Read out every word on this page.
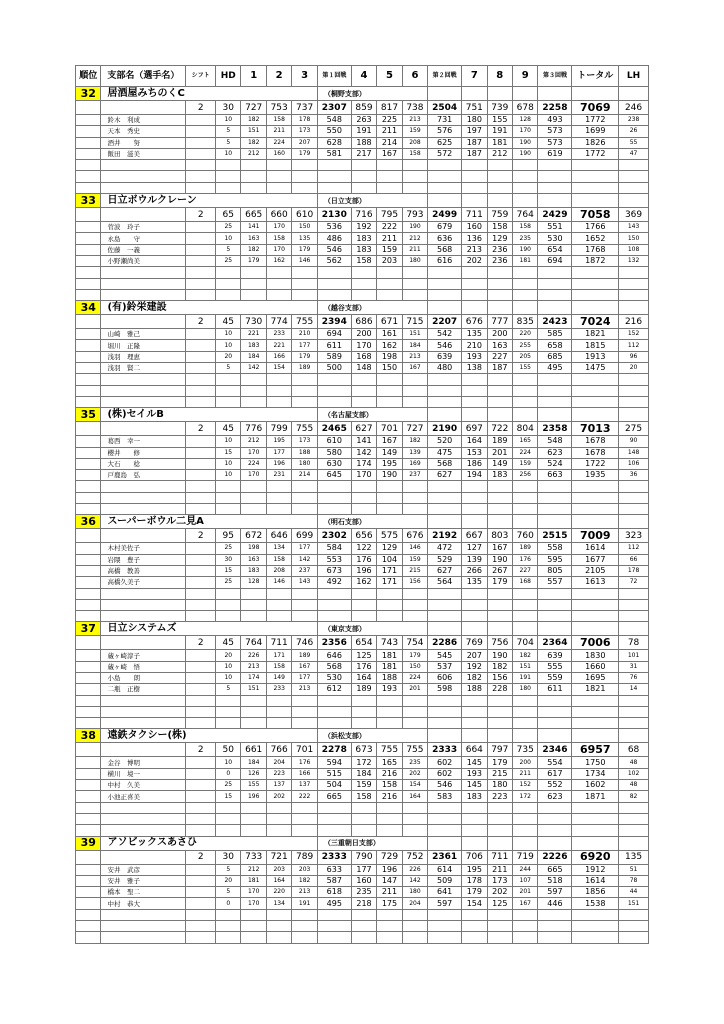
順位	支部名（選手名）	シフト	HD	1	2	3	第１回戦	4	5	6	第２回戦	7	8	9	第３回戦	トータル	LH
32	居酒屋みちのくC						（桐野支部）										
		2	30	727	753	737	2307	859	817	738	2504	751	739	678	2258	7069	246
	鈴木　利成		10	182	158	178	548	263	225	213	731	180	155	128	493	1772	238
	天本　秀史		5	151	211	173	550	191	211	159	576	197	191	170	573	1699	26
	酒井　　努		5	182	224	207	628	188	214	208	625	187	181	190	573	1826	55
	飯田　滋美		10	212	160	179	581	217	167	158	572	187	212	190	619	1772	47

33	日立ボウルクレーン						（日立支部）										
		2	65	665	660	610	2130	716	795	793	2499	711	759	764	2429	7058	369
	菅波　玲子		25	141	170	150	536	192	222	190	679	160	158	158	551	1766	143
	永島　　守		10	163	158	135	486	183	211	212	636	136	129	235	530	1652	150
	佐藤　一義		5	182	170	179	546	183	159	211	568	213	236	190	654	1768	108
	小野瀬尚美		25	179	162	146	562	158	203	180	616	202	236	181	694	1872	132

34	(有)鈴栄建設						（越谷支部）										
		2	45	730	774	755	2394	686	671	715	2207	676	777	835	2423	7024	216
	山崎　雅己		10	221	233	210	694	200	161	151	542	135	200	220	585	1821	152
	堀川　正隆		10	183	221	177	611	170	162	184	546	210	163	255	658	1815	112
	浅羽　理恵		20	184	166	179	589	168	198	213	639	193	227	205	685	1913	96
	浅羽　賢二		5	142	154	189	500	148	150	167	480	138	187	155	495	1475	20

35	(株)セイルB						（名古屋支部）										
		2	45	776	799	755	2465	627	701	727	2190	697	722	804	2358	7013	275
	葛西　幸一		10	212	195	173	610	141	167	182	520	164	189	165	548	1678	90
	櫻井　　修		15	170	177	188	580	142	149	139	475	153	201	224	623	1678	148
	大石　　稔		10	224	196	180	630	174	195	169	568	186	149	159	524	1722	106
	戸鹿島　弘		10	170	231	214	645	170	190	237	627	194	183	256	663	1935	36

36	スーパーボウル二見A						（明石支部）										
		2	95	672	646	699	2302	656	575	676	2192	667	803	760	2515	7009	323
	木村美佐子		25	198	134	177	584	122	129	146	472	127	167	189	558	1614	112
	岩隈　豊子		30	163	158	142	553	176	104	159	529	139	190	176	595	1677	66
	高橋　教善		15	183	208	237	673	196	171	215	627	266	267	227	805	2105	178
	高橋久美子		25	128	146	143	492	162	171	156	564	135	179	168	557	1613	72

37	日立システムズ						（東京支部）										
		2	45	764	711	746	2356	654	743	754	2286	769	756	704	2364	7006	78
	蔵ヶ崎淳子		20	226	171	189	646	125	181	179	545	207	190	182	639	1830	101
	蔵ヶ崎　悟		10	213	158	167	568	176	181	150	537	192	182	151	555	1660	31
	小島　　朗		10	174	149	177	530	164	188	224	606	182	156	191	559	1695	76
	二瓶　正樹		5	151	233	213	612	189	193	201	598	188	228	180	611	1821	14

38	遠鉄タクシー(株)						（浜松支部）										
		2	50	661	766	701	2278	673	755	755	2333	664	797	735	2346	6957	68
	金谷　博明		10	184	204	176	594	172	165	235	602	145	179	200	554	1750	48
	横川　境一		0	126	223	166	515	184	216	202	602	193	215	211	617	1734	102
	中村　久美		25	155	137	137	504	159	158	154	546	145	180	152	552	1602	48
	小池正喜美		15	196	202	222	665	158	216	164	583	183	223	172	623	1871	82

39	アソビックスあさひ						（三重朝日支部）										
		2	30	733	721	789	2333	790	729	752	2361	706	711	719	2226	6920	135
	安井　武彦		5	212	203	203	633	177	196	226	614	195	211	244	665	1912	51
	安井　雅子		20	181	164	182	587	160	147	142	509	178	173	107	518	1614	78
	橋本　聖二		5	170	220	213	618	235	211	180	641	179	202	201	597	1856	44
	中村　恭大		0	170	134	191	495	218	175	204	597	154	125	167	446	1538	151
